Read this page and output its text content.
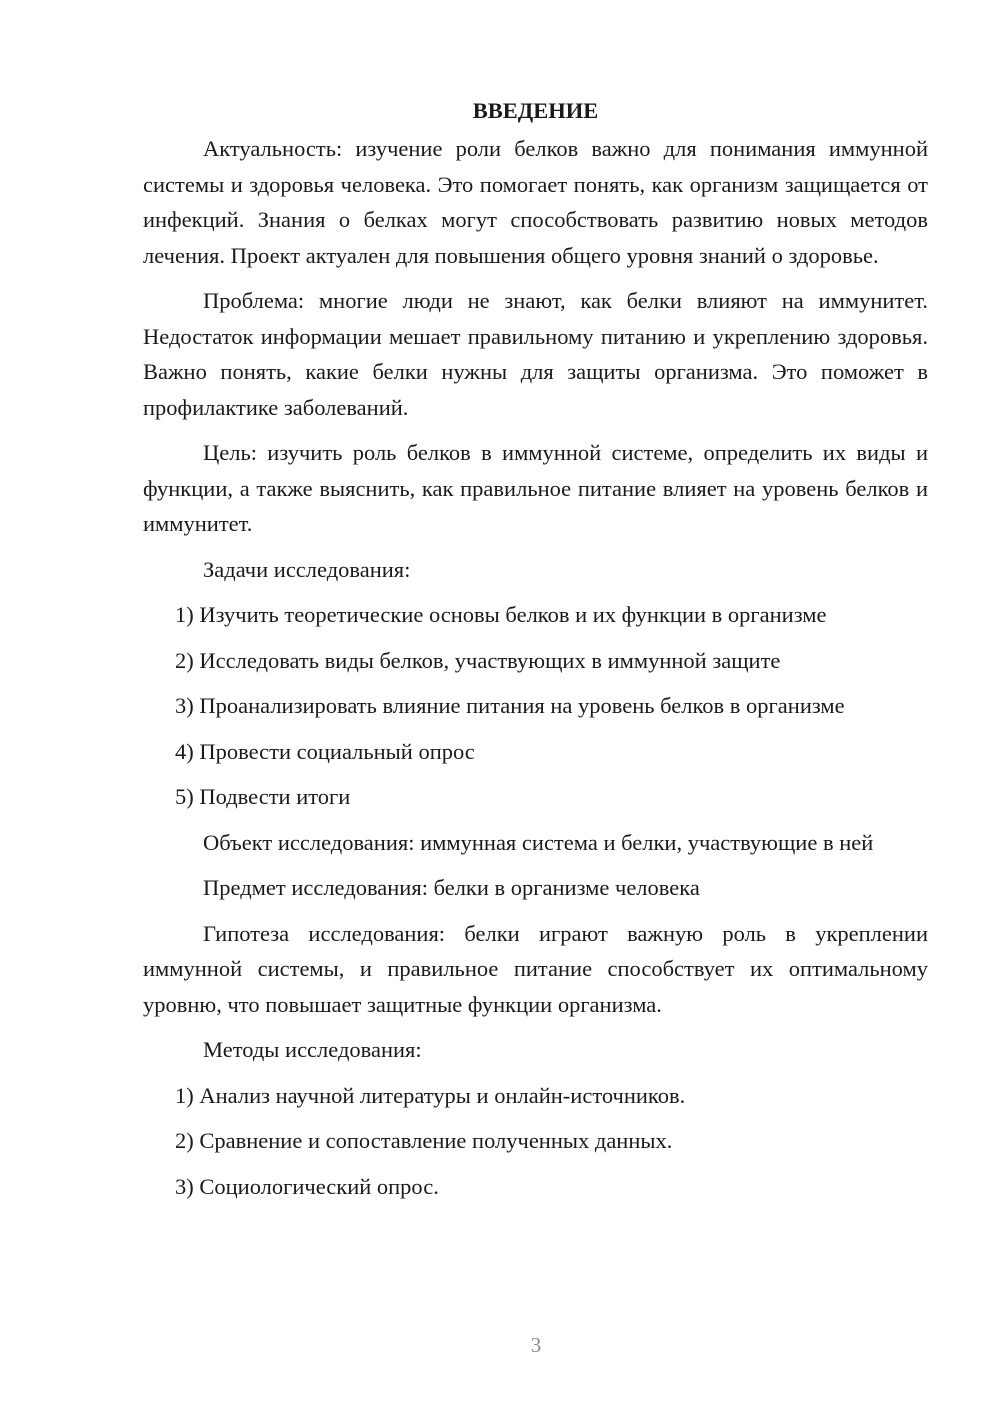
ВВЕДЕНИЕ

Актуальность: изучение роли белков важно для понимания иммунной системы и здоровья человека. Это помогает понять, как организм защищается от инфекций. Знания о белках могут способствовать развитию новых методов лечения. Проект актуален для повышения общего уровня знаний о здоровье.

Проблема: многие люди не знают, как белки влияют на иммунитет. Недостаток информации мешает правильному питанию и укреплению здоровья. Важно понять, какие белки нужны для защиты организма. Это поможет в профилактике заболеваний.

Цель: изучить роль белков в иммунной системе, определить их виды и функции, а также выяснить, как правильное питание влияет на уровень белков и иммунитет.

Задачи исследования:

1) Изучить теоретические основы белков и их функции в организме
2) Исследовать виды белков, участвующих в иммунной защите
3) Проанализировать влияние питания на уровень белков в организме
4) Провести социальный опрос
5) Подвести итоги

Объект исследования: иммунная система и белки, участвующие в ней

Предмет исследования: белки в организме человека

Гипотеза исследования: белки играют важную роль в укреплении иммунной системы, и правильное питание способствует их оптимальному уровню, что повышает защитные функции организма.

Методы исследования:

1) Анализ научной литературы и онлайн-источников.
2) Сравнение и сопоставление полученных данных.
3) Социологический опрос.
3
